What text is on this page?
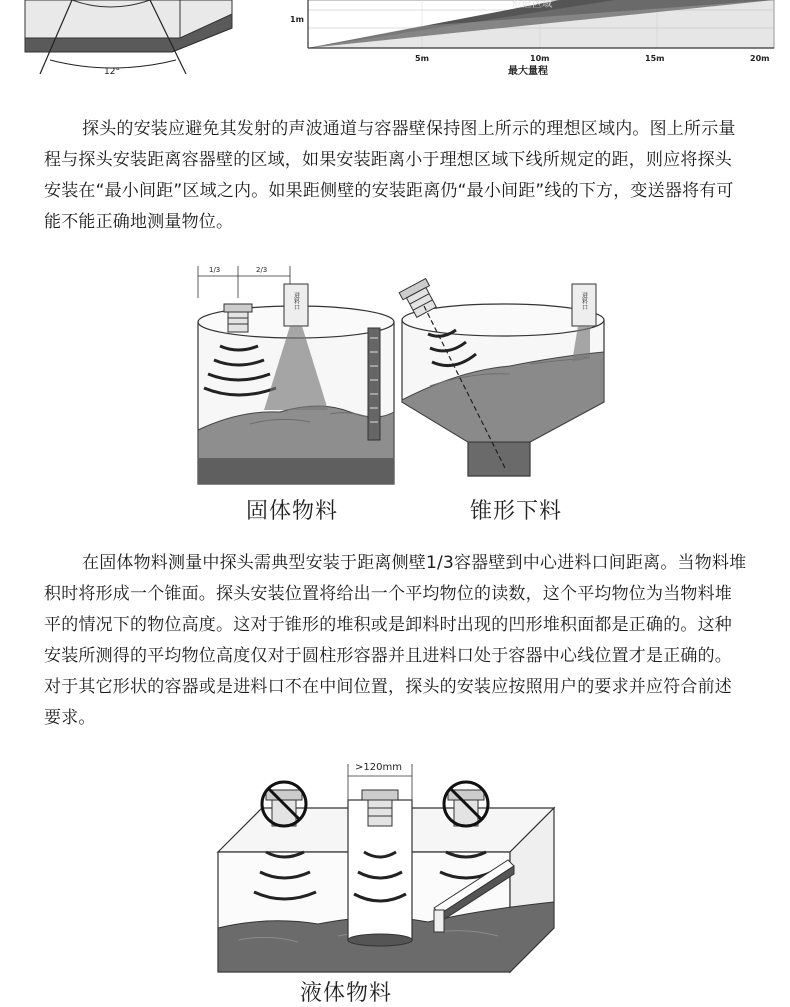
12°
危险区域
1m
5m	10m	15m	20m
最大量程

探头的安装应避免其发射的声波通道与容器壁保持图上所示的理想区域内。图上所示量程与探头安装距离容器壁的区域，如果安装距离小于理想区域下线所规定的距，则应将探头安装在“最小间距”区域之内。如果距侧壁的安装距离仍“最小间距”线的下方，变送器将有可能不能正确地测量物位。

1/3	2/3
进料口	进料口
固体物料	锥形下料

在固体物料测量中探头需典型安装于距离侧壁1/3容器壁到中心进料口间距离。当物料堆积时将形成一个锥面。探头安装位置将给出一个平均物位的读数，这个平均物位为当物料堆平的情况下的物位高度。这对于锥形的堆积或是卸料时出现的凹形堆积面都是正确的。这种安装所测得的平均物位高度仅对于圆柱形容器并且进料口处于容器中心线位置才是正确的。对于其它形状的容器或是进料口不在中间位置，探头的安装应按照用户的要求并应符合前述要求。

>120mm
液体物料
